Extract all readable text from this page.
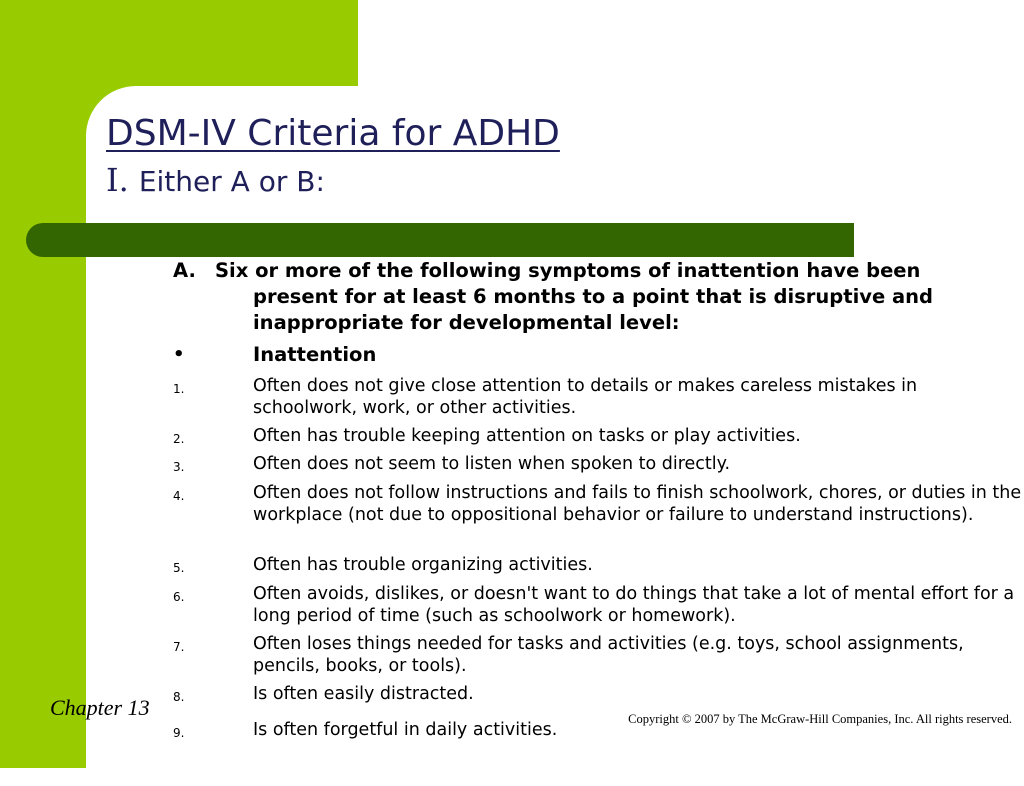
DSM-IV Criteria for ADHD
I. Either A or B:
A. Six or more of the following symptoms of inattention have been present for at least 6 months to a point that is disruptive and inappropriate for developmental level:
•	Inattention
1.	Often does not give close attention to details or makes careless mistakes in schoolwork, work, or other activities.
2.	Often has trouble keeping attention on tasks or play activities.
3.	Often does not seem to listen when spoken to directly.
4.	Often does not follow instructions and fails to finish schoolwork, chores, or duties in the workplace (not due to oppositional behavior or failure to understand instructions).
5.	Often has trouble organizing activities.
6.	Often avoids, dislikes, or doesn't want to do things that take a lot of mental effort for a long period of time (such as schoolwork or homework).
7.	Often loses things needed for tasks and activities (e.g. toys, school assignments, pencils, books, or tools).
8.	Is often easily distracted.
9.	Is often forgetful in daily activities.
Chapter 13	Copyright © 2007 by The McGraw-Hill Companies, Inc. All rights reserved.
